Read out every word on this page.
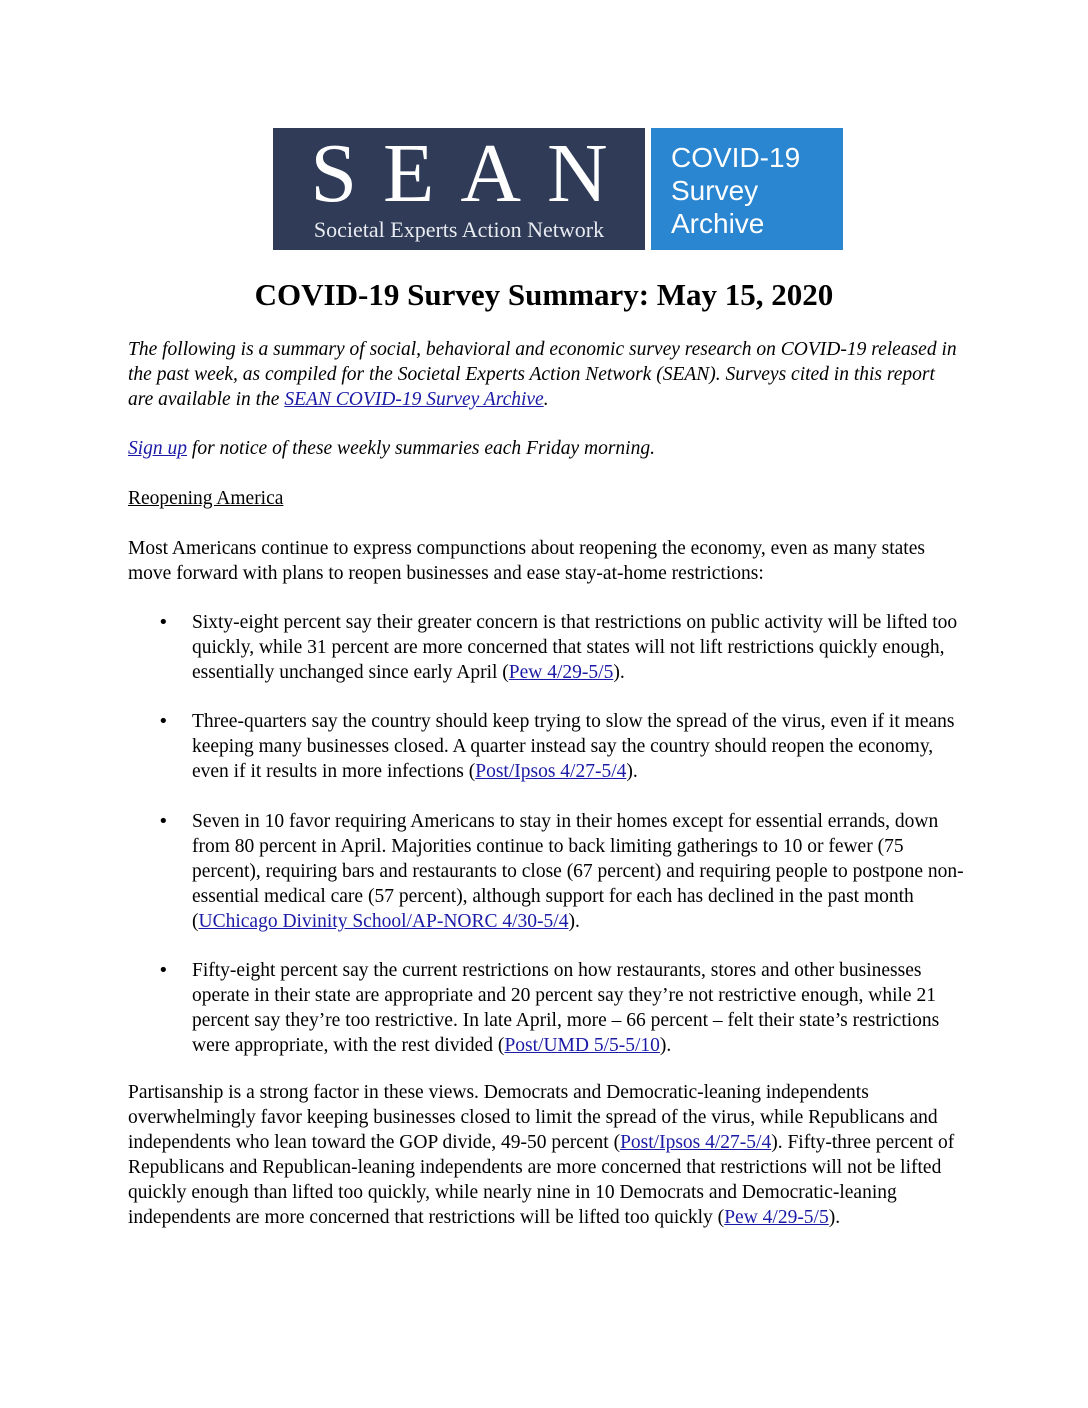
SEAN
Societal Experts Action Network
COVID-19
Survey
Archive
COVID-19 Survey Summary: May 15, 2020

The following is a summary of social, behavioral and economic survey research on COVID-19 released in the past week, as compiled for the Societal Experts Action Network (SEAN). Surveys cited in this report are available in the SEAN COVID-19 Survey Archive.

Sign up for notice of these weekly summaries each Friday morning.

Reopening America

Most Americans continue to express compunctions about reopening the economy, even as many states move forward with plans to reopen businesses and ease stay-at-home restrictions:

• Sixty-eight percent say their greater concern is that restrictions on public activity will be lifted too quickly, while 31 percent are more concerned that states will not lift restrictions quickly enough, essentially unchanged since early April (Pew 4/29-5/5).

• Three-quarters say the country should keep trying to slow the spread of the virus, even if it means keeping many businesses closed. A quarter instead say the country should reopen the economy, even if it results in more infections (Post/Ipsos 4/27-5/4).

• Seven in 10 favor requiring Americans to stay in their homes except for essential errands, down from 80 percent in April. Majorities continue to back limiting gatherings to 10 or fewer (75 percent), requiring bars and restaurants to close (67 percent) and requiring people to postpone non-essential medical care (57 percent), although support for each has declined in the past month (UChicago Divinity School/AP-NORC 4/30-5/4).

• Fifty-eight percent say the current restrictions on how restaurants, stores and other businesses operate in their state are appropriate and 20 percent say they’re not restrictive enough, while 21 percent say they’re too restrictive. In late April, more – 66 percent – felt their state’s restrictions were appropriate, with the rest divided (Post/UMD 5/5-5/10).

Partisanship is a strong factor in these views. Democrats and Democratic-leaning independents overwhelmingly favor keeping businesses closed to limit the spread of the virus, while Republicans and independents who lean toward the GOP divide, 49-50 percent (Post/Ipsos 4/27-5/4). Fifty-three percent of Republicans and Republican-leaning independents are more concerned that restrictions will not be lifted quickly enough than lifted too quickly, while nearly nine in 10 Democrats and Democratic-leaning independents are more concerned that restrictions will be lifted too quickly (Pew 4/29-5/5).
